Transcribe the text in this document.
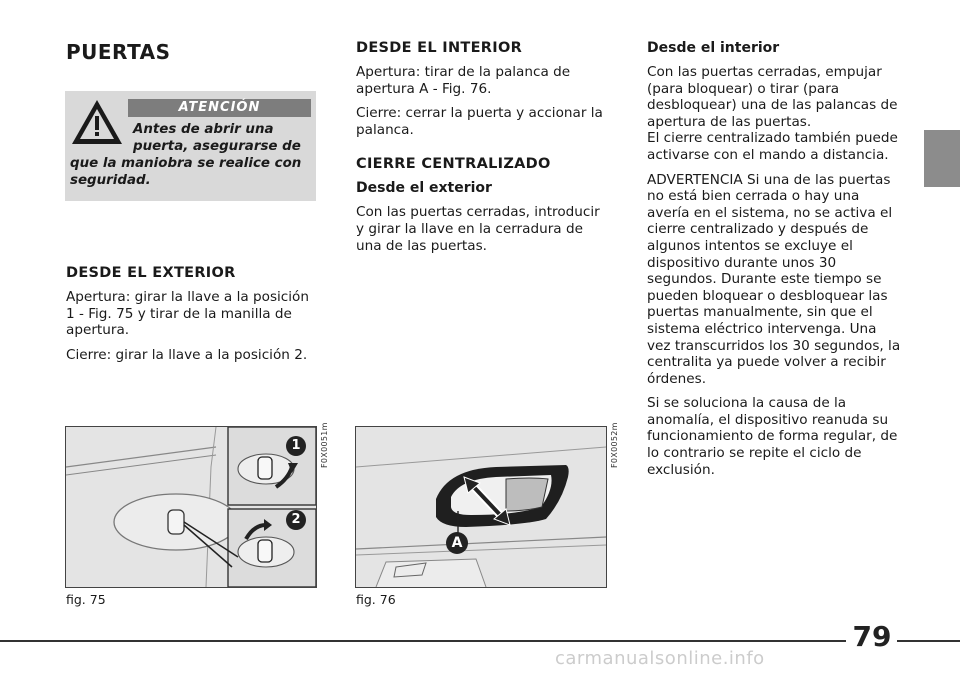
PUERTAS
ATENCIÓN
Antes de abrir una puerta, asegurarse de
que la maniobra se realice con seguridad.
DESDE EL EXTERIOR

Apertura: girar la llave a la posición 1 - Fig. 75 y tirar de la manilla de apertura.

Cierre: girar la llave a la posición 2.

DESDE EL INTERIOR

Apertura: tirar de la palanca de apertura A - Fig. 76.

Cierre: cerrar la puerta y accionar la palanca.

CIERRE CENTRALIZADO
Desde el exterior

Con las puertas cerradas, introducir y girar la llave en la cerradura de una de las puertas.

Desde el interior

Con las puertas cerradas, empujar (para bloquear) o tirar (para desbloquear) una de las palancas de apertura de las puertas.

El cierre centralizado también puede activarse con el mando a distancia.

ADVERTENCIA Si una de las puertas no está bien cerrada o hay una avería en el sistema, no se activa el cierre centralizado y después de algunos intentos se excluye el dispositivo durante unos 30 segundos. Durante este tiempo se pueden bloquear o desbloquear las puertas manualmente, sin que el sistema eléctrico intervenga. Una vez transcurridos los 30 segundos, la centralita ya puede volver a recibir órdenes.

Si se soluciona la causa de la anomalía, el dispositivo reanuda su funcionamiento de forma regular, de lo contrario se repite el ciclo de exclusión.

1
2
F0X0051m
fig. 75
A
F0X0052m
fig. 76
79
carmanualsonline.info
